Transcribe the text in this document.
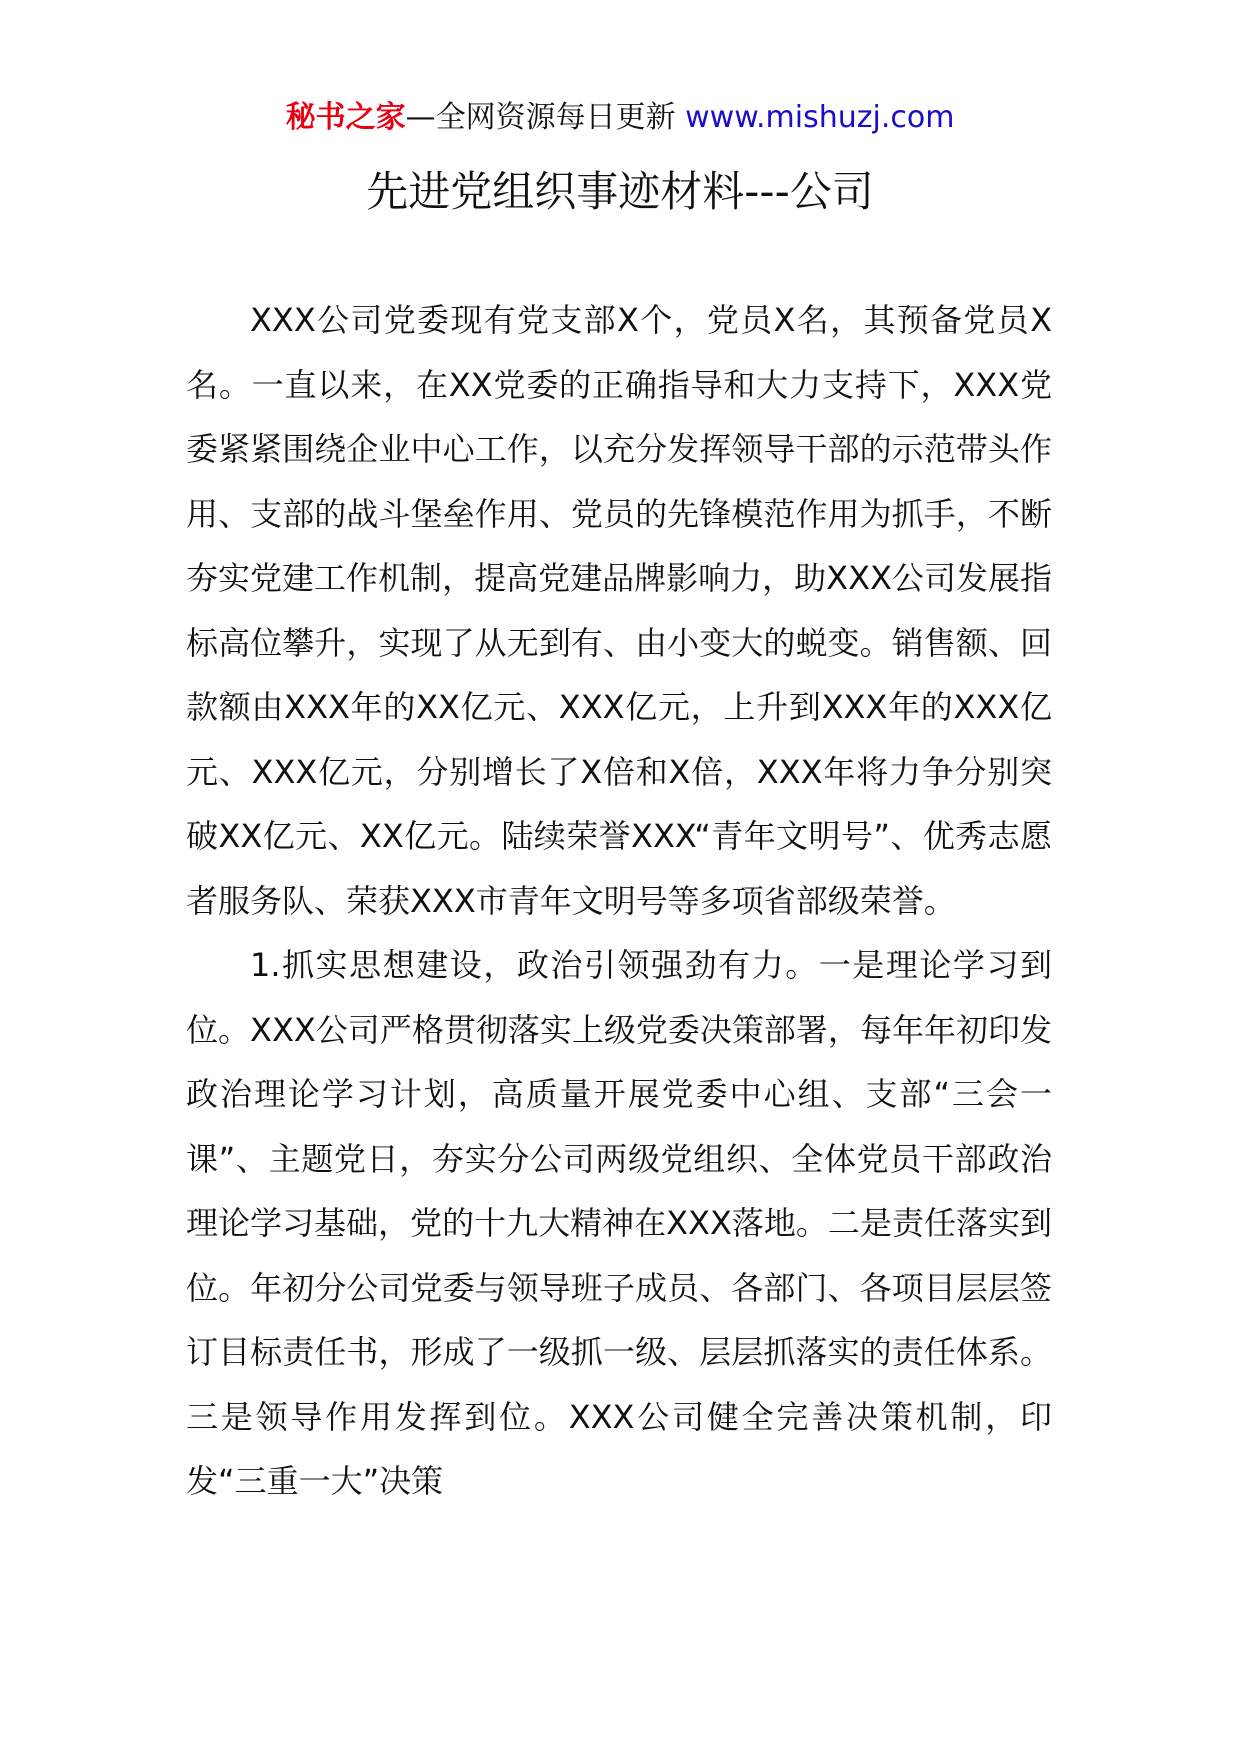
秘书之家—全网资源每日更新 www.mishuzj.com
先进党组织事迹材料---公司

XXX公司党委现有党支部X个，党员X名，其预备党员X名。一直以来，在XX党委的正确指导和大力支持下，XXX党委紧紧围绕企业中心工作，以充分发挥领导干部的示范带头作用、支部的战斗堡垒作用、党员的先锋模范作用为抓手，不断夯实党建工作机制，提高党建品牌影响力，助XXX公司发展指标高位攀升，实现了从无到有、由小变大的蜕变。销售额、回款额由XXX年的XX亿元、XXX亿元，上升到XXX年的XXX亿元、XXX亿元，分别增长了X倍和X倍，XXX年将力争分别突破XX亿元、XX亿元。陆续荣誉XXX“青年文明号”、优秀志愿者服务队、荣获XXX市青年文明号等多项省部级荣誉。

1.抓实思想建设，政治引领强劲有力。一是理论学习到位。XXX公司严格贯彻落实上级党委决策部署，每年年初印发政治理论学习计划，高质量开展党委中心组、支部“三会一课”、主题党日，夯实分公司两级党组织、全体党员干部政治理论学习基础，党的十九大精神在XXX落地。二是责任落实到位。年初分公司党委与领导班子成员、各部门、各项目层层签订目标责任书，形成了一级抓一级、层层抓落实的责任体系。三是领导作用发挥到位。XXX公司健全完善决策机制，印发“三重一大”决策
